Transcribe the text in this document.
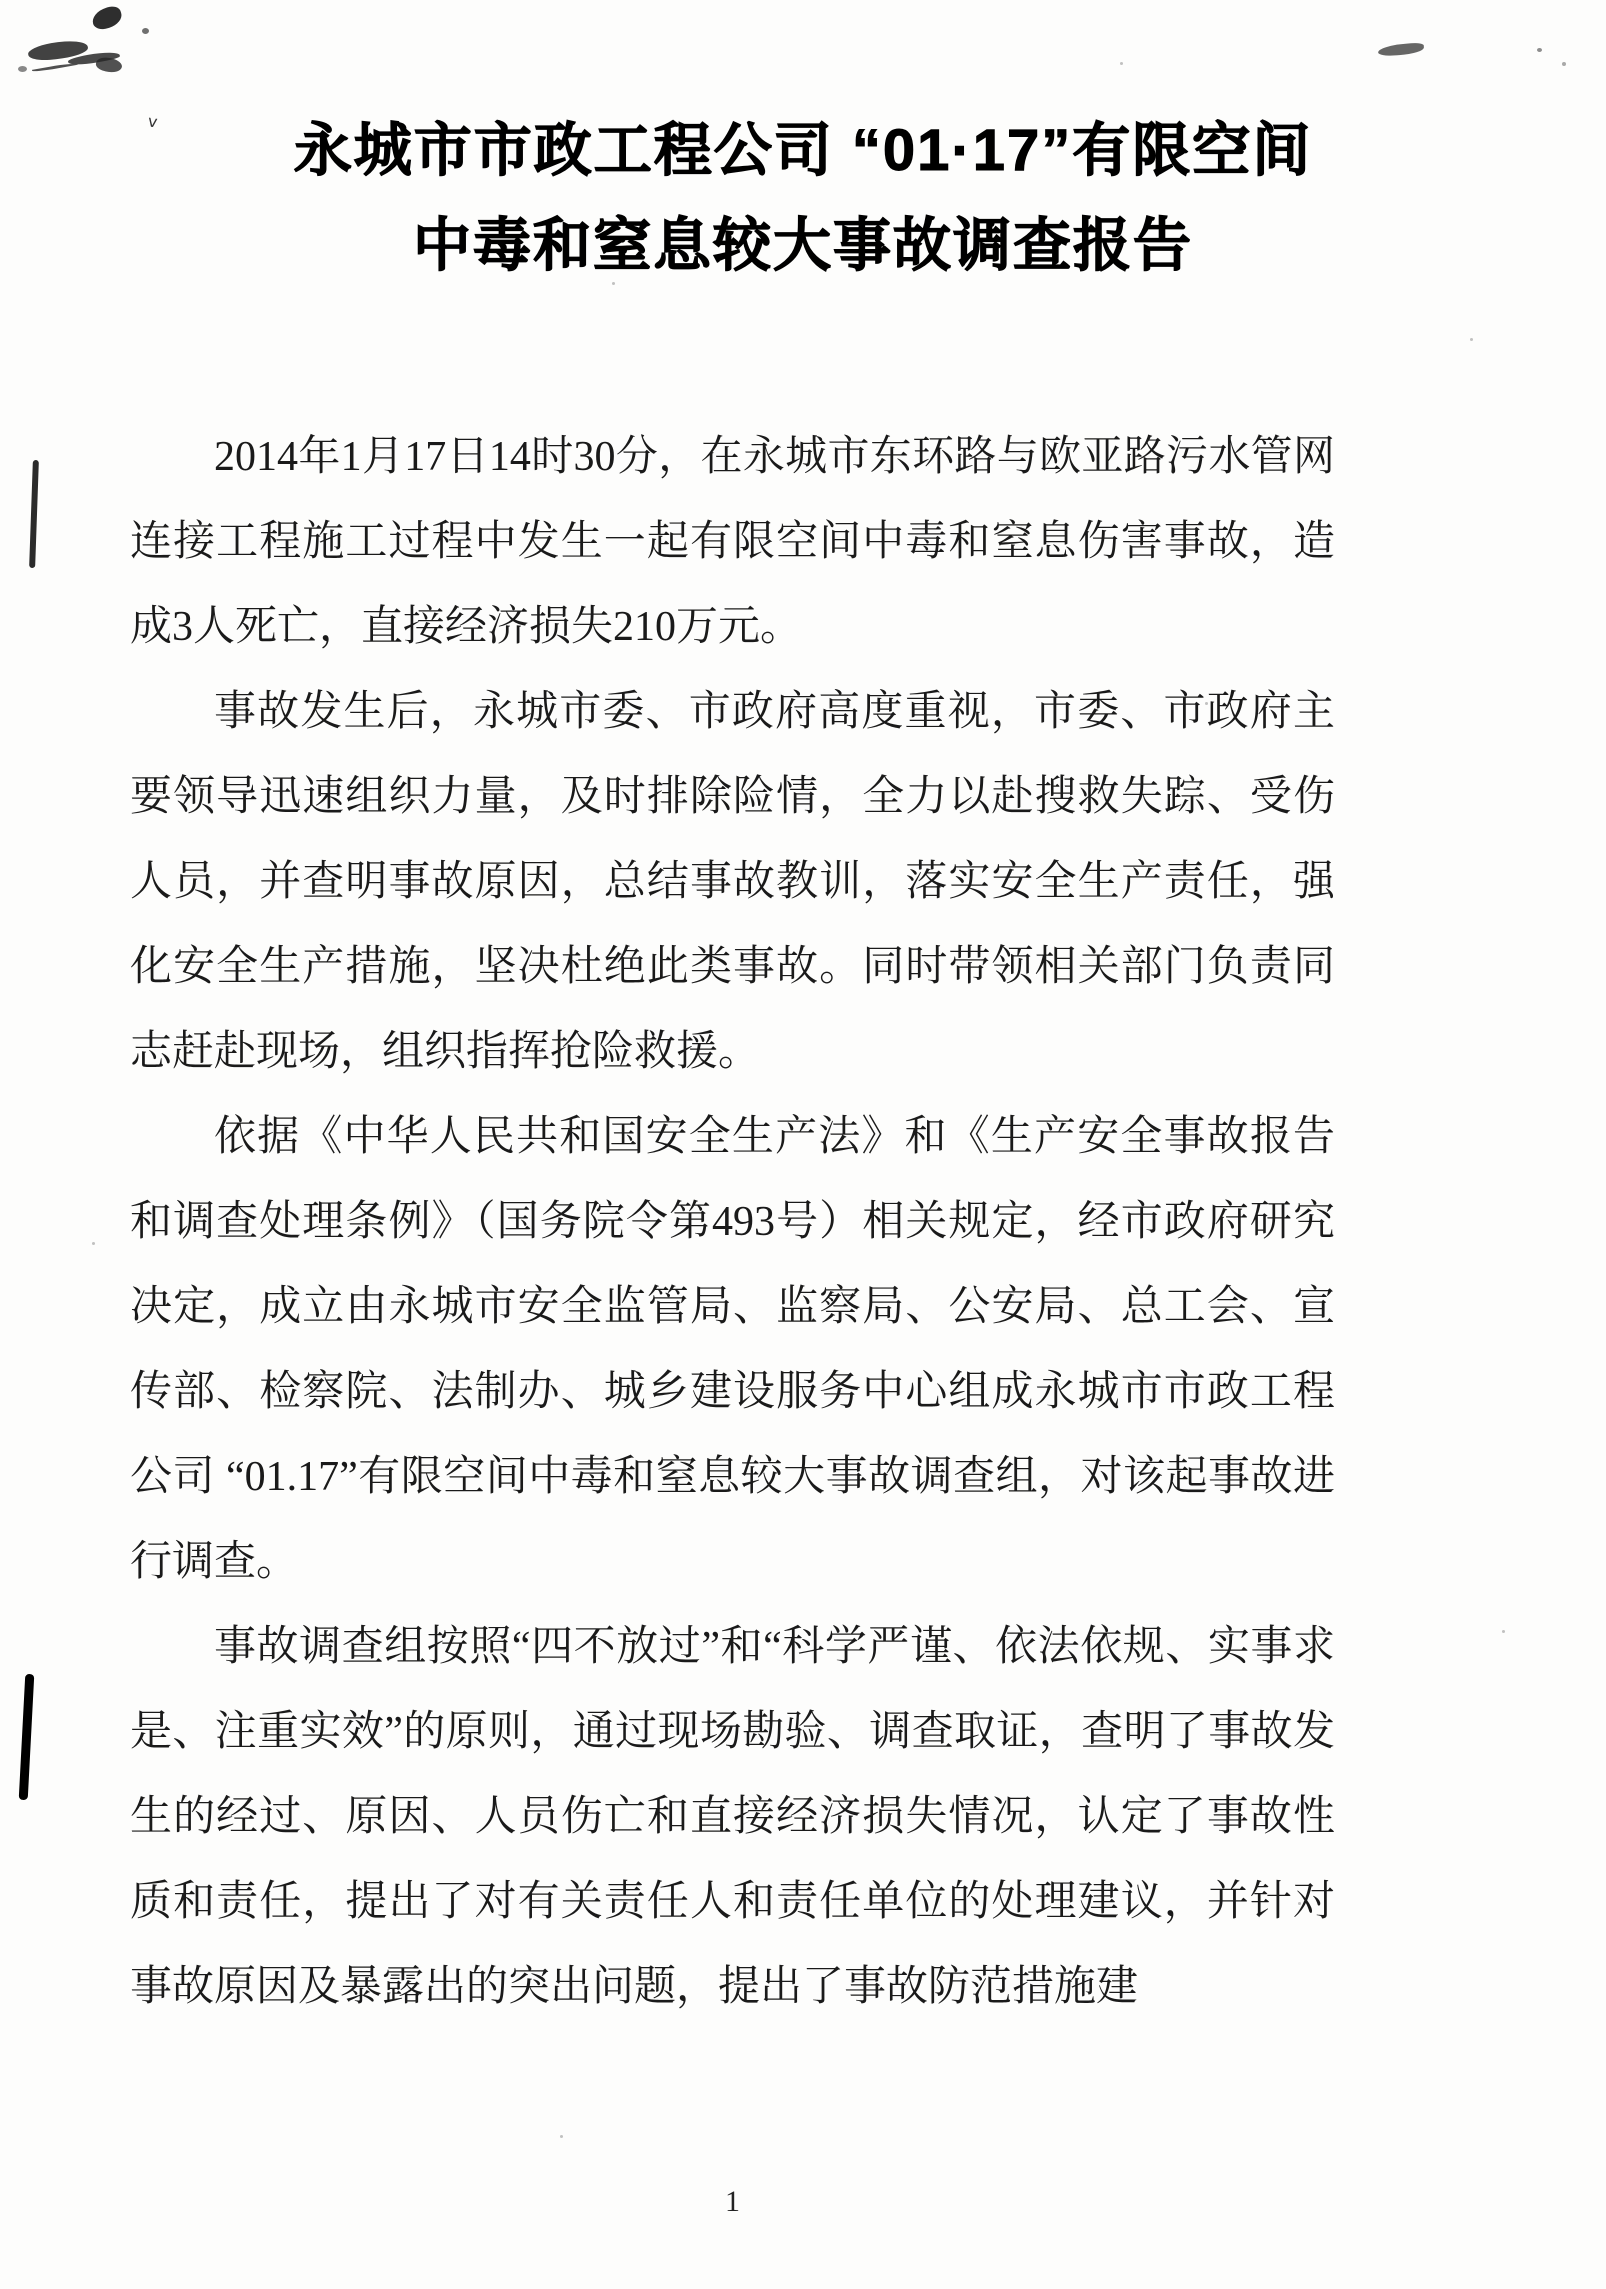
v	永城市市政工程公司 “01·17”有限空间
中毒和窒息较大事故调查报告

2014年1月17日14时30分，在永城市东环路与欧亚路污水管网连接工程施工过程中发生一起有限空间中毒和窒息伤害事故，造成3人死亡，直接经济损失210万元。

事故发生后，永城市委、市政府高度重视，市委、市政府主要领导迅速组织力量，及时排除险情，全力以赴搜救失踪、受伤人员，并查明事故原因，总结事故教训，落实安全生产责任，强化安全生产措施，坚决杜绝此类事故。同时带领相关部门负责同志赶赴现场，组织指挥抢险救援。

依据《中华人民共和国安全生产法》和《生产安全事故报告和调查处理条例》（国务院令第493号）相关规定，经市政府研究决定，成立由永城市安全监管局、监察局、公安局、总工会、宣传部、检察院、法制办、城乡建设服务中心组成永城市市政工程公司 “01.17”有限空间中毒和窒息较大事故调查组，对该起事故进行调查。

事故调查组按照“四不放过”和“科学严谨、依法依规、实事求是、注重实效”的原则，通过现场勘验、调查取证，查明了事故发生的经过、原因、人员伤亡和直接经济损失情况，认定了事故性质和责任，提出了对有关责任人和责任单位的处理建议，并针对事故原因及暴露出的突出问题，提出了事故防范措施建

1
